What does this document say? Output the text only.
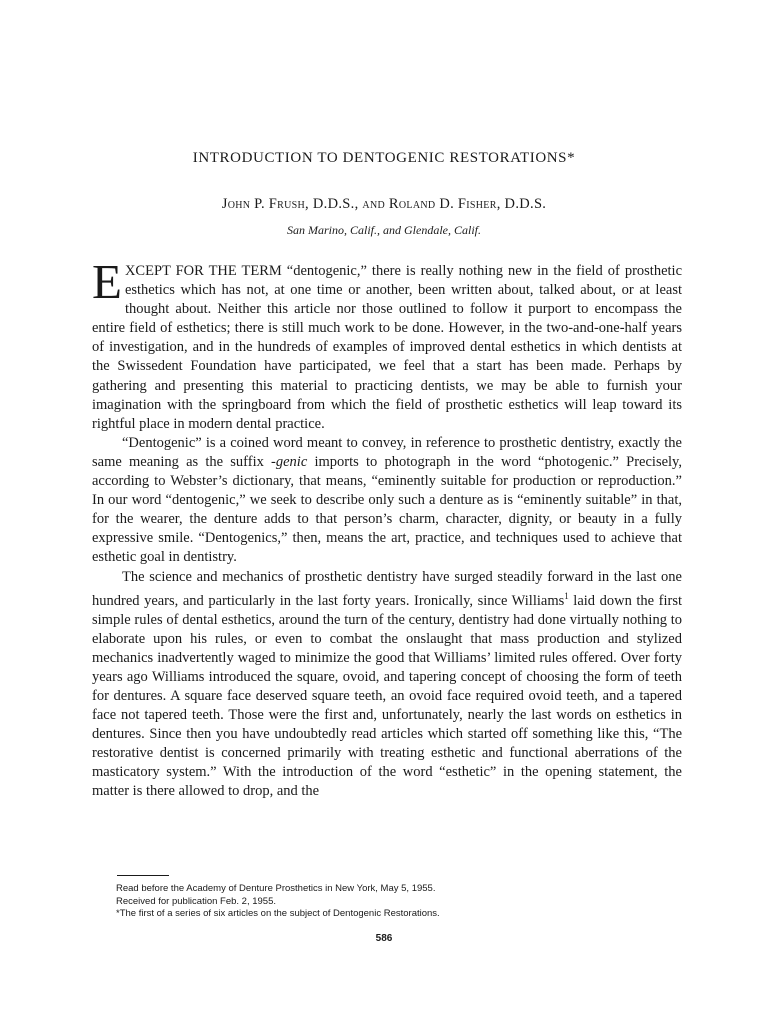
INTRODUCTION TO DENTOGENIC RESTORATIONS*
John P. Frush, D.D.S., and Roland D. Fisher, D.D.S.
San Marino, Calif., and Glendale, Calif.

EXCEPT FOR THE TERM “dentogenic,” there is really nothing new in the field of prosthetic esthetics which has not, at one time or another, been written about, talked about, or at least thought about. Neither this article nor those outlined to follow it purport to encompass the entire field of esthetics; there is still much work to be done. However, in the two-and-one-half years of investigation, and in the hundreds of examples of improved dental esthetics in which dentists at the Swissedent Foundation have participated, we feel that a start has been made. Perhaps by gathering and presenting this material to practicing dentists, we may be able to furnish your imagination with the springboard from which the field of prosthetic esthetics will leap toward its rightful place in modern dental practice.

“Dentogenic” is a coined word meant to convey, in reference to prosthetic dentistry, exactly the same meaning as the suffix -genic imports to photograph in the word “photogenic.” Precisely, according to Webster’s dictionary, that means, “eminently suitable for production or reproduction.” In our word “dentogenic,” we seek to describe only such a denture as is “eminently suitable” in that, for the wearer, the denture adds to that person’s charm, character, dignity, or beauty in a fully expressive smile. “Dentogenics,” then, means the art, practice, and techniques used to achieve that esthetic goal in dentistry.

The science and mechanics of prosthetic dentistry have surged steadily forward in the last one hundred years, and particularly in the last forty years. Ironically, since Williams$^1$ laid down the first simple rules of dental esthetics, around the turn of the century, dentistry had done virtually nothing to elaborate upon his rules, or even to combat the onslaught that mass production and stylized mechanics inadvertently waged to minimize the good that Williams’ limited rules offered. Over forty years ago Williams introduced the square, ovoid, and tapering concept of choosing the form of teeth for dentures. A square face deserved square teeth, an ovoid face required ovoid teeth, and a tapered face not tapered teeth. Those were the first and, unfortunately, nearly the last words on esthetics in dentures. Since then you have undoubtedly read articles which started off something like this, “The restorative dentist is concerned primarily with treating esthetic and functional aberrations of the masticatory system.” With the introduction of the word “esthetic” in the opening statement, the matter is there allowed to drop, and the

Read before the Academy of Denture Prosthetics in New York, May 5, 1955.
Received for publication Feb. 2, 1955.
*The first of a series of six articles on the subject of Dentogenic Restorations.
586
